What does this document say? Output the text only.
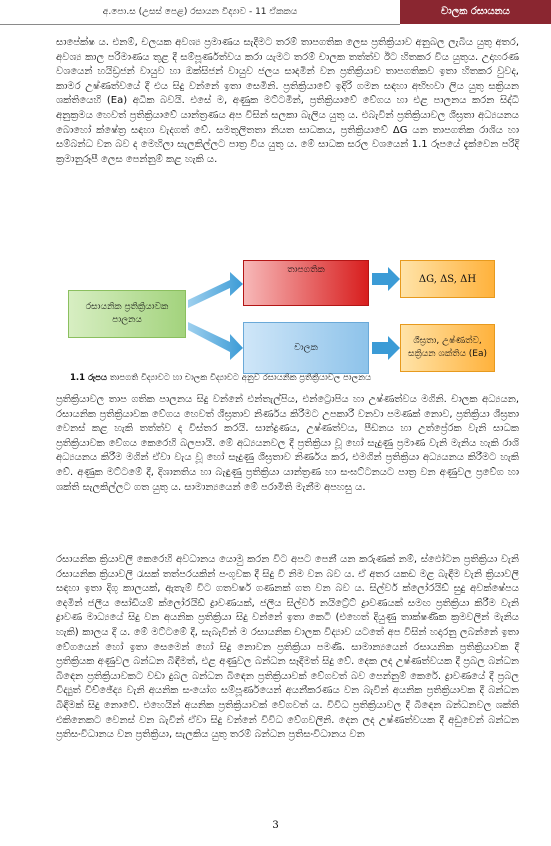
අ.පො.ස (උසස් පෙළ) රසායන විද්‍යාව - 11 ඒකකය	චාලක රසායනය
සාපේක්ෂ ය. එනම්, චලයක අවශ්‍ය ප්‍රමාණය සැදීමට තරම් තාපගතික ලෙස ප්‍රතික්‍රියාව අනුබල ලැබිය යුතු අතර, අවශ්‍ය කාල පරිමාණය තුළ දී සම්පූර්ණත්වය කරා යැමට තරම් චාලක තත්ත්ව ඊට හිතකර විය යුතුය. උදාහරණ වශයෙන් හයිඩ්‍රජන් වායුව හා ඔක්සිජන් වායුව ජලය සාදමින් වන ප්‍රතික්‍රියාව තාපගතිකව ඉතා හිතකර වුවද, කාමර උෂ්ණත්වයේ දී එය සිදු වන්නේ ඉතා සෙමිනි. ප්‍රතික්‍රියාවේ ඉදිරි ගමන සඳහා අභිභවා ලිය යුතු සක්‍රියන ශක්තියෙහි (Ea) අධික බවයි. එසේ ම, අණුක මට්ටමින්, ප්‍රතික්‍රියාවේ වේගය හා එළ පාලනය කරන සිද්ධි අනුක්‍රමය හෙවත් ප්‍රතික්‍රියාවේ යාන්ත්‍රණය අප විසින් සලකා බැලිය යුතු ය. එබැවින් ප්‍රතික්‍රියාවල ශීඝ්‍රතා අධ්‍යයනය බොහෝ ක්ෂේත්‍ර සඳහා වැදගත් වේ. සමතුලිතතා නියත සාධකය, ප්‍රතික්‍රියාවේ ΔG යන තාපගතික රාශිය හා සම්බන්ධ වන බව ද මෙහිලා සැලකිල්ලට පාත්‍ර විය යුතු ය. මේ සාධක සරල වශයෙන් 1.1 රූපයේ දැක්වෙන පරිදි ක්‍රමානුරූපී ලෙස පෙන්නුම් කළ හැකි ය.
රසායනික ප්‍රතික්‍රියාවක පාලනය
තාපගතික
චාලක
ΔG, ΔS, ΔH
ශීඝ්‍රතා, උෂ්ණත්ව, සක්‍රියන ශක්තිය (Ea)
1.1 රූපය තාපගති විද්‍යාවට හා චාලක විද්‍යාවට අනුව රසායනික ප්‍රතික්‍රියාවල පාලනය
ප්‍රතික්‍රියාවල තාප ගතික පාලනය සිදු වන්නේ එන්තැල්පිය, එන්ට්‍රොපිය හා උෂ්ණත්වය මගිනි. චාලක අධ්‍යයන, රසායනික ප්‍රතික්‍රියාවක වේගය හෙවත් ශීඝ්‍රතාව නිර්ණය කිරීමට උපකාරී වනවා පමණක් නොව, ප්‍රතික්‍රියා ශීඝ්‍රතා වෙනස් කළ හැකි තත්ත්ව ද විස්තර කරයි. සාන්ද්‍රණය, උෂ්ණත්වය, පීඩනය හා උත්ප්‍රේරක වැනි සාධක ප්‍රතික්‍රියාවක වේගය කෙරෙහි බලපායි. මේ අධ්‍යයනවල දී ප්‍රතික්‍රියා වූ හෝ සැදුණු ප්‍රමාණ වැනි මැනිය හැකි රාශි අධ්‍යයනය කිරීම මගින් ඒවා වැය වූ හෝ සෑදුණු ශීඝ්‍රතාව නිර්ණය කර, එමගින් ප්‍රතික්‍රියා අධ්‍යයනය කිරීමට හැකි වේ. අණුක මට්ටමේ දී, දිශානතිය හා බැඳුණු ප්‍රතික්‍රියා යාන්ත්‍රණ හා සංඝට්ටනයට පාත්‍ර වන අණුවල ප්‍රවේග හා ශක්ති සැලකිල්ලට ගත යුතු ය. සාමාන්‍යයෙන් මේ පරාමිති මැනීම අපහසු ය.
රසායනික ක්‍රියාවලි කෙරෙහි අවධානය යොමු කරන විට අපට පෙනී යන කරුණක් නම්, ස්ඵෝටන ප්‍රතික්‍රියා වැනි රසායනික ක්‍රියාවලි රැසක් තත්පරයකින් පංගුවක දී සිදු වී නිම වන බව ය. ඒ අතර යකඩ මළ බැඳීම වැනි ක්‍රියාවලි සඳහා ඉතා දිගු කාලයක්, ඇතැම් විට ගතවර්ෂ ගණනක් ගත වන බව ය. සිල්වර් ක්ලෝරයිඩ් සුදු අවක්ෂේපය දෙමින් ජලීය සෝඩියම් ක්ලෝරයිඩ් ද්‍රාවණයක්, ජලීය සිල්වර් නයිට්‍රේට් ද්‍රාවණයක් සමඟ ප්‍රතික්‍රියා කිරීම වැනි ද්‍රාවණ මාධ්‍යයේ සිදු වන අයනික ප්‍රතික්‍රියා සිදු වන්නේ ඉතා කෙටි (එහෙත් දියුණු තාක්ෂණික ක්‍රමවලින් මැනිය හැකි) කාලය දී ය. මේ මට්ටමේ දී, සැබැවින් ම රසායනික චාලක විද්‍යාව යටතේ අප විසින් හදාරනු ලබන්නේ ඉතා වේගයෙන් හෝ ඉතා සෙමෙන් හෝ සිදු නොවන ප්‍රතික්‍රියා පමණි. සාමාන්‍යයෙන් රසායනික ප්‍රතික්‍රියාවක දී ප්‍රතික්‍රියක අණුවල බන්ධන බිඳීමත්, එළ අණුවල බන්ධන සෑදීමත් සිදු වේ. දෙක ලද උෂ්ණත්වයක දී ප්‍රබල බන්ධන බිඳෙන ප්‍රතික්‍රියාවකට වඩා දුබල බන්ධන බිඳෙන ප්‍රතික්‍රියාවක් වේගවත් බව පෙන්නුම් කෙරේ. ද්‍රාවණයේ දී ප්‍රබල විද්‍යුත් විච්ඡේද්‍ය වැනි අයනික සංයෝග සම්පූර්ණයෙන් අයනීකරණය වන බැවින් අයනික ප්‍රතික්‍රියාවක දී බන්ධන බිඳීමක් සිදු නොවේ. එහෙයින් අයනික ප්‍රතික්‍රියාවක් වේගවත් ය. විවිධ ප්‍රතික්‍රියාවල දී බිඳෙන බන්ධනවල ශක්ති එකිනෙකට වෙනස් වන බැවින් ඒවා සිදු වන්නේ විවිධ වේගවලිනි. දෙන ලද උෂ්ණත්වයක දී අඩුවෙන් බන්ධන ප්‍රතිසංවිධානය වන ප්‍රතික්‍රියා, සැලකිය යුතු තරම් බන්ධන ප්‍රතිසංවිධානය වන
3
